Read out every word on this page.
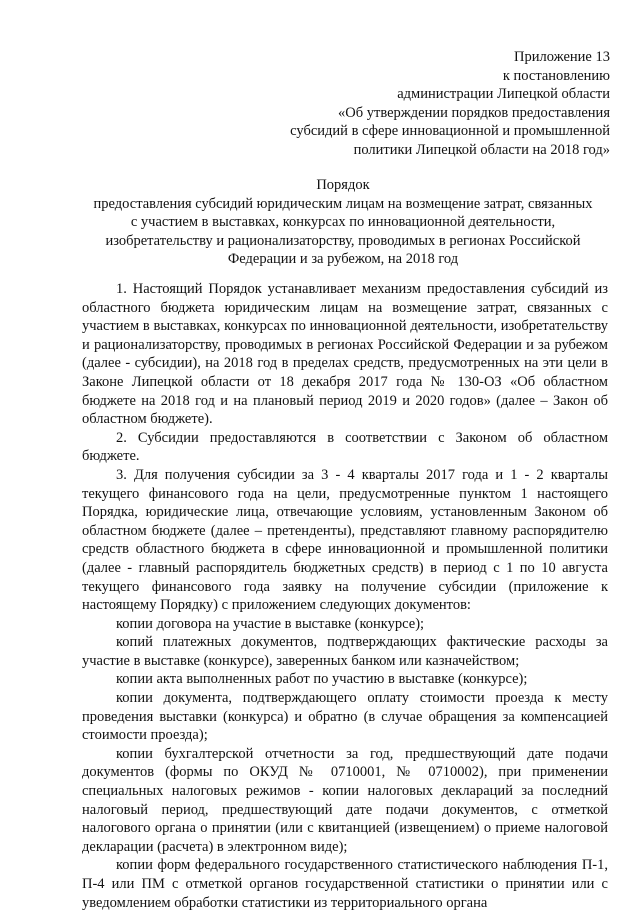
Приложение 13
к постановлению
администрации Липецкой области
«Об утверждении порядков предоставления
субсидий в сфере инновационной и промышленной
политики Липецкой области на 2018 год»
Порядок
предоставления субсидий юридическим лицам на возмещение затрат, связанных
с участием в выставках, конкурсах по инновационной деятельности,
изобретательству и рационализаторству, проводимых в регионах Российской
Федерации и за рубежом, на 2018 год

1. Настоящий Порядок устанавливает механизм предоставления субсидий из областного бюджета юридическим лицам на возмещение затрат, связанных с участием в выставках, конкурсах по инновационной деятельности, изобретательству и рационализаторству, проводимых в регионах Российской Федерации и за рубежом (далее - субсидии), на 2018 год в пределах средств, предусмотренных на эти цели в Законе Липецкой области от 18 декабря 2017 года № 130-ОЗ «Об областном бюджете на 2018 год и на плановый период 2019 и 2020 годов» (далее – Закон об областном бюджете).

2. Субсидии предоставляются в соответствии с Законом об областном бюджете.

3. Для получения субсидии за 3 - 4 кварталы 2017 года и 1 - 2 кварталы текущего финансового года на цели, предусмотренные пунктом 1 настоящего Порядка, юридические лица, отвечающие условиям, установленным Законом об областном бюджете (далее – претенденты), представляют главному распорядителю средств областного бюджета в сфере инновационной и промышленной политики (далее - главный распорядитель бюджетных средств) в период с 1 по 10 августа текущего финансового года заявку на получение субсидии (приложение к настоящему Порядку) с приложением следующих документов:

копии договора на участие в выставке (конкурсе);

копий платежных документов, подтверждающих фактические расходы за участие в выставке (конкурсе), заверенных банком или казначейством;

копии акта выполненных работ по участию в выставке (конкурсе);

копии документа, подтверждающего оплату стоимости проезда к месту проведения выставки (конкурса) и обратно (в случае обращения за компенсацией стоимости проезда);

копии бухгалтерской отчетности за год, предшествующий дате подачи документов (формы по ОКУД № 0710001, № 0710002), при применении специальных налоговых режимов - копии налоговых деклараций за последний налоговый период, предшествующий дате подачи документов, с отметкой налогового органа о принятии (или с квитанцией (извещением) о приеме налоговой декларации (расчета) в электронном виде);

копии форм федерального государственного статистического наблюдения П-1, П-4 или ПМ с отметкой органов государственной статистики о принятии или с уведомлением обработки статистики из территориального органа
